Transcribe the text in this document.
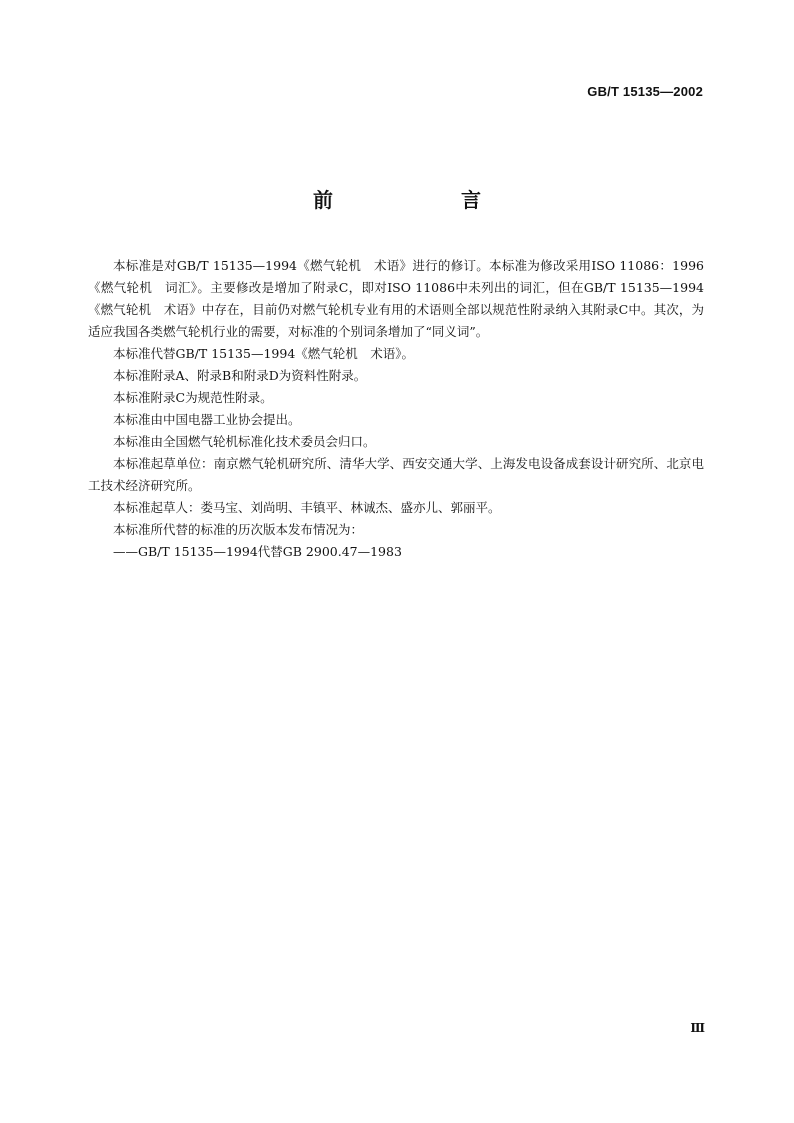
GB/T 15135—2002
前　言

本标准是对GB/T 15135—1994《燃气轮机　术语》进行的修订。本标准为修改采用ISO 11086：1996《燃气轮机　词汇》。主要修改是增加了附录C，即对ISO 11086中未列出的词汇，但在GB/T 15135—1994《燃气轮机　术语》中存在，目前仍对燃气轮机专业有用的术语则全部以规范性附录纳入其附录C中。其次，为适应我国各类燃气轮机行业的需要，对标准的个别词条增加了“同义词”。

本标准代替GB/T 15135—1994《燃气轮机　术语》。

本标准附录A、附录B和附录D为资料性附录。

本标准附录C为规范性附录。

本标准由中国电器工业协会提出。

本标准由全国燃气轮机标准化技术委员会归口。

本标准起草单位：南京燃气轮机研究所、清华大学、西安交通大学、上海发电设备成套设计研究所、北京电工技术经济研究所。

本标准起草人：娄马宝、刘尚明、丰镇平、林诚杰、盛亦儿、郭丽平。

本标准所代替的标准的历次版本发布情况为：

——GB/T 15135—1994代替GB 2900.47—1983

Ⅲ
